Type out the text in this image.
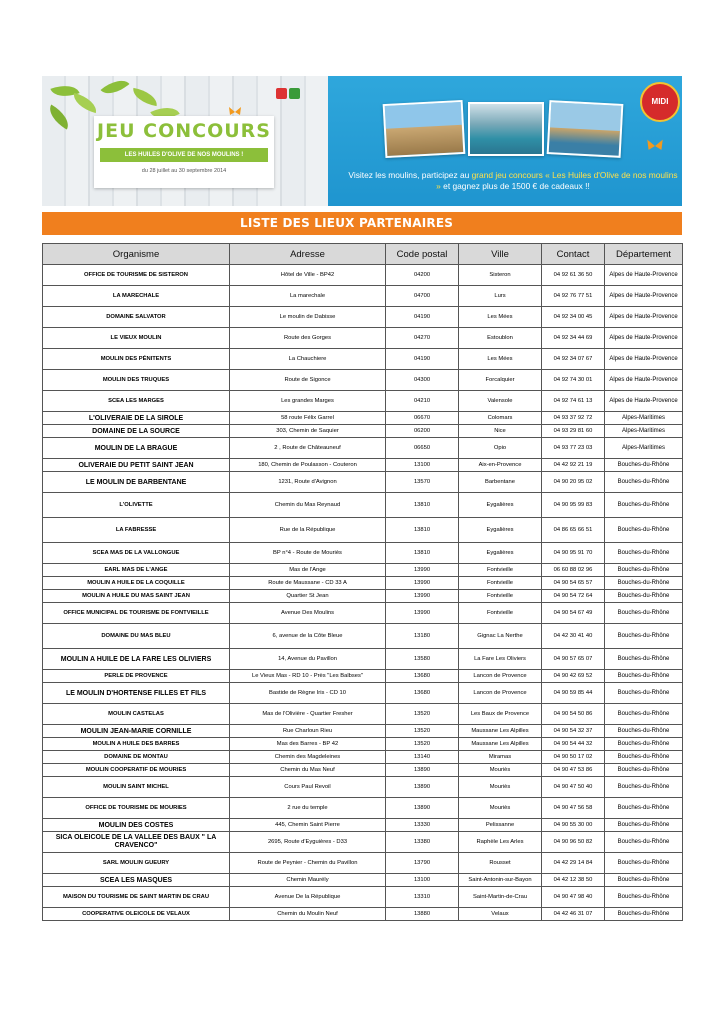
JEU CONCOURS
LES HUILES D'OLIVE DE NOS MOULINS !
du 28 juillet au 30 septembre 2014
MIDI
Visitez les moulins, participez au grand jeu concours « Les Huiles d'Olive de nos moulins » et gagnez plus de 1500 € de cadeaux !!
LISTE DES LIEUX PARTENAIRES
Organisme	Adresse	Code postal	Ville	Contact	Département
OFFICE DE TOURISME DE SISTERON	Hôtel de Ville - BP42	04200	Sisteron	04 92 61 36 50	Alpes de Haute-Provence
LA MARECHALE	La marechale	04700	Lurs	04 92 76 77 51	Alpes de Haute-Provence
DOMAINE SALVATOR	Le moulin de Dabisse	04190	Les Mées	04 92 34 00 45	Alpes de Haute-Provence
LE VIEUX MOULIN	Route des Gorges	04270	Estoublon	04 92 34 44 69	Alpes de Haute-Provence
MOULIN DES PÉNITENTS	La Chauchiere	04190	Les Mées	04 92 34 07 67	Alpes de Haute-Provence
MOULIN DES TRUQUES	Route de Sigonce	04300	Forcalquier	04 92 74 30 01	Alpes de Haute-Provence
SCEA LES MARGES	Les grandes Marges	04210	Valensole	04 92 74 61 13	Alpes de Haute-Provence
L'OLIVERAIE DE LA SIROLE	58 route Félix Garrel	06670	Colomars	04 93 37 92 72	Alpes-Maritimes
DOMAINE DE LA SOURCE	303, Chemin de Saquier	06200	Nice	04 93 29 81 60	Alpes-Maritimes
MOULIN DE LA BRAGUE	2 , Route de Châteauneuf	06650	Opio	04 93 77 23 03	Alpes-Maritimes
OLIVERAIE DU PETIT SAINT JEAN	180, Chemin de Poulasson - Couteron	13100	Aix-en-Provence	04 42 92 21 19	Bouches-du-Rhône
LE MOULIN DE BARBENTANE	1231, Route d'Avignon	13570	Barbentane	04 90 20 95 02	Bouches-du-Rhône
L'OLIVETTE	Chemin du Mas Reynaud	13810	Eygalières	04 90 95 99 83	Bouches-du-Rhône
LA FABRESSE	Rue de la République	13810	Eygalières	04 86 65 66 51	Bouches-du-Rhône
SCEA MAS DE LA VALLONGUE	BP n°4 - Route de Mouriès	13810	Eygalières	04 90 95 91 70	Bouches-du-Rhône
EARL MAS DE L'ANGE	Mas de l'Ange	13990	Fontvieille	06 60 88 02 96	Bouches-du-Rhône
MOULIN A HUILE DE LA COQUILLE	Route de Maussane - CD 33 A	13990	Fontvieille	04 90 54 65 57	Bouches-du-Rhône
MOULIN A HUILE DU MAS SAINT JEAN	Quartier St Jean	13990	Fontvieille	04 90 54 72 64	Bouches-du-Rhône
OFFICE MUNICIPAL DE TOURISME DE FONTVIEILLE	Avenue Des Moulins	13990	Fontvieille	04 90 54 67 49	Bouches-du-Rhône
DOMAINE DU MAS BLEU	6, avenue de la Côte Bleue	13180	Gignac La Nerthe	04 42 30 41 40	Bouches-du-Rhône
MOULIN A HUILE DE LA FARE LES OLIVIERS	14, Avenue du Pavillon	13580	La Fare Les Oliviers	04 90 57 65 07	Bouches-du-Rhône
PERLE DE PROVENCE	Le Vieux Mas - RD 10 - Près "Les Balbses"	13680	Lancon de Provence	04 90 42 69 52	Bouches-du-Rhône
LE MOULIN D'HORTENSE FILLES ET FILS	Bastide de Règne Iris - CD 10	13680	Lancon de Provence	04 90 59 85 44	Bouches-du-Rhône
MOULIN CASTELAS	Mas de l'Olivière - Quartier Fresher	13520	Les Baux de Provence	04 90 54 50 86	Bouches-du-Rhône
MOULIN JEAN-MARIE CORNILLE	Rue Charloun Rieu	13520	Maussane Les Alpilles	04 90 54 32 37	Bouches-du-Rhône
MOULIN A HUILE DES BARRES	Mas des Barres - BP 42	13520	Maussane Les Alpilles	04 90 54 44 32	Bouches-du-Rhône
DOMAINE DE MONTAU	Chemin des Magdeleines	13140	Miramas	04 90 50 17 02	Bouches-du-Rhône
MOULIN COOPERATIF DE MOURIES	Chemin du Mas Neuf	13890	Mouriès	04 90 47 53 86	Bouches-du-Rhône
MOULIN SAINT MICHEL	Cours Paul Revoil	13890	Mouriès	04 90 47 50 40	Bouches-du-Rhône
OFFICE DE TOURISME DE MOURIES	2 rue du temple	13890	Mouriès	04 90 47 56 58	Bouches-du-Rhône
MOULIN DES COSTES	445, Chemin Saint Pierre	13330	Pelissanne	04 90 55 30 00	Bouches-du-Rhône
SICA OLEICOLE DE LA VALLEE DES BAUX " LA CRAVENCO"	2695, Route d'Eyguières - D33	13380	Raphèle Les Arles	04 90 96 50 82	Bouches-du-Rhône
SARL MOULIN GUEURY	Route de Peynier - Chemin du Pavillon	13790	Rousset	04 42 29 14 84	Bouches-du-Rhône
SCEA LES MASQUES	Chemin Maurély	13100	Saint-Antonin-sur-Bayon	04 42 12 38 50	Bouches-du-Rhône
MAISON DU TOURISME DE SAINT MARTIN DE CRAU	Avenue De la République	13310	Saint-Martin-de-Crau	04 90 47 98 40	Bouches-du-Rhône
COOPERATIVE OLEICOLE DE VELAUX	Chemin du Moulin Neuf	13880	Velaux	04 42 46 31 07	Bouches-du-Rhône
